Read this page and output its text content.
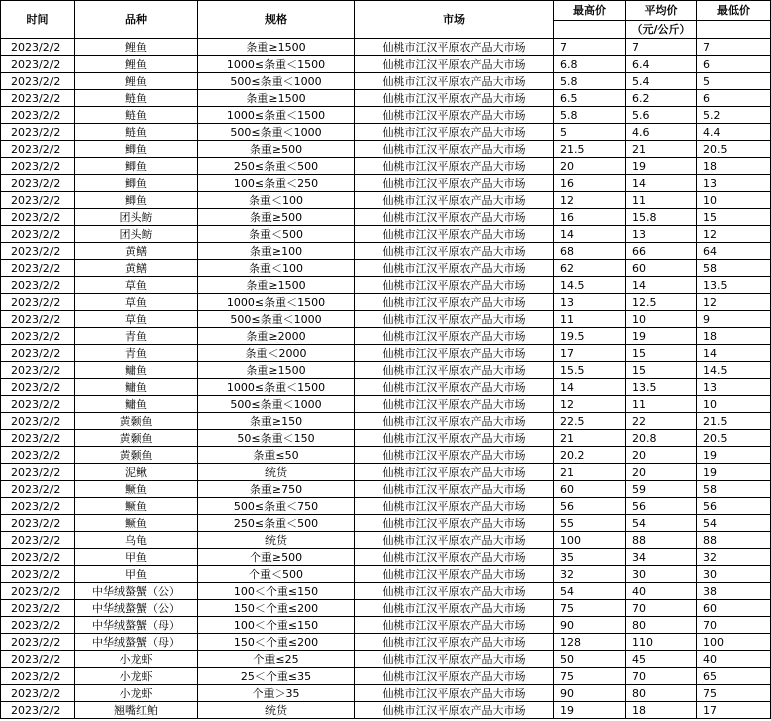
时间	品种	规格	市场	最高价	平均价	最低价
					（元/公斤）	
2023/2/2	鲤鱼	条重≥1500	仙桃市江汉平原农产品大市场	7	7	7
2023/2/2	鲤鱼	1000≤条重＜1500	仙桃市江汉平原农产品大市场	6.8	6.4	6
2023/2/2	鲤鱼	500≤条重＜1000	仙桃市江汉平原农产品大市场	5.8	5.4	5
2023/2/2	鲢鱼	条重≥1500	仙桃市江汉平原农产品大市场	6.5	6.2	6
2023/2/2	鲢鱼	1000≤条重＜1500	仙桃市江汉平原农产品大市场	5.8	5.6	5.2
2023/2/2	鲢鱼	500≤条重＜1000	仙桃市江汉平原农产品大市场	5	4.6	4.4
2023/2/2	鲫鱼	条重≥500	仙桃市江汉平原农产品大市场	21.5	21	20.5
2023/2/2	鲫鱼	250≤条重＜500	仙桃市江汉平原农产品大市场	20	19	18
2023/2/2	鲫鱼	100≤条重＜250	仙桃市江汉平原农产品大市场	16	14	13
2023/2/2	鲫鱼	条重＜100	仙桃市江汉平原农产品大市场	12	11	10
2023/2/2	团头鲂	条重≥500	仙桃市江汉平原农产品大市场	16	15.8	15
2023/2/2	团头鲂	条重＜500	仙桃市江汉平原农产品大市场	14	13	12
2023/2/2	黄鳝	条重≥100	仙桃市江汉平原农产品大市场	68	66	64
2023/2/2	黄鳝	条重＜100	仙桃市江汉平原农产品大市场	62	60	58
2023/2/2	草鱼	条重≥1500	仙桃市江汉平原农产品大市场	14.5	14	13.5
2023/2/2	草鱼	1000≤条重＜1500	仙桃市江汉平原农产品大市场	13	12.5	12
2023/2/2	草鱼	500≤条重＜1000	仙桃市江汉平原农产品大市场	11	10	9
2023/2/2	青鱼	条重≥2000	仙桃市江汉平原农产品大市场	19.5	19	18
2023/2/2	青鱼	条重＜2000	仙桃市江汉平原农产品大市场	17	15	14
2023/2/2	鳙鱼	条重≥1500	仙桃市江汉平原农产品大市场	15.5	15	14.5
2023/2/2	鳙鱼	1000≤条重＜1500	仙桃市江汉平原农产品大市场	14	13.5	13
2023/2/2	鳙鱼	500≤条重＜1000	仙桃市江汉平原农产品大市场	12	11	10
2023/2/2	黄颡鱼	条重≥150	仙桃市江汉平原农产品大市场	22.5	22	21.5
2023/2/2	黄颡鱼	50≤条重＜150	仙桃市江汉平原农产品大市场	21	20.8	20.5
2023/2/2	黄颡鱼	条重≤50	仙桃市江汉平原农产品大市场	20.2	20	19
2023/2/2	泥鳅	统货	仙桃市江汉平原农产品大市场	21	20	19
2023/2/2	鳜鱼	条重≥750	仙桃市江汉平原农产品大市场	60	59	58
2023/2/2	鳜鱼	500≤条重＜750	仙桃市江汉平原农产品大市场	56	56	56
2023/2/2	鳜鱼	250≤条重＜500	仙桃市江汉平原农产品大市场	55	54	54
2023/2/2	乌龟	统货	仙桃市江汉平原农产品大市场	100	88	88
2023/2/2	甲鱼	个重≥500	仙桃市江汉平原农产品大市场	35	34	32
2023/2/2	甲鱼	个重＜500	仙桃市江汉平原农产品大市场	32	30	30
2023/2/2	中华绒螯蟹（公）	100＜个重≤150	仙桃市江汉平原农产品大市场	54	40	38
2023/2/2	中华绒螯蟹（公）	150＜个重≤200	仙桃市江汉平原农产品大市场	75	70	60
2023/2/2	中华绒螯蟹（母）	100＜个重≤150	仙桃市江汉平原农产品大市场	90	80	70
2023/2/2	中华绒螯蟹（母）	150＜个重≤200	仙桃市江汉平原农产品大市场	128	110	100
2023/2/2	小龙虾	个重≤25	仙桃市江汉平原农产品大市场	50	45	40
2023/2/2	小龙虾	25＜个重≤35	仙桃市江汉平原农产品大市场	75	70	65
2023/2/2	小龙虾	个重＞35	仙桃市江汉平原农产品大市场	90	80	75
2023/2/2	翘嘴红鲌	统货	仙桃市江汉平原农产品大市场	19	18	17
